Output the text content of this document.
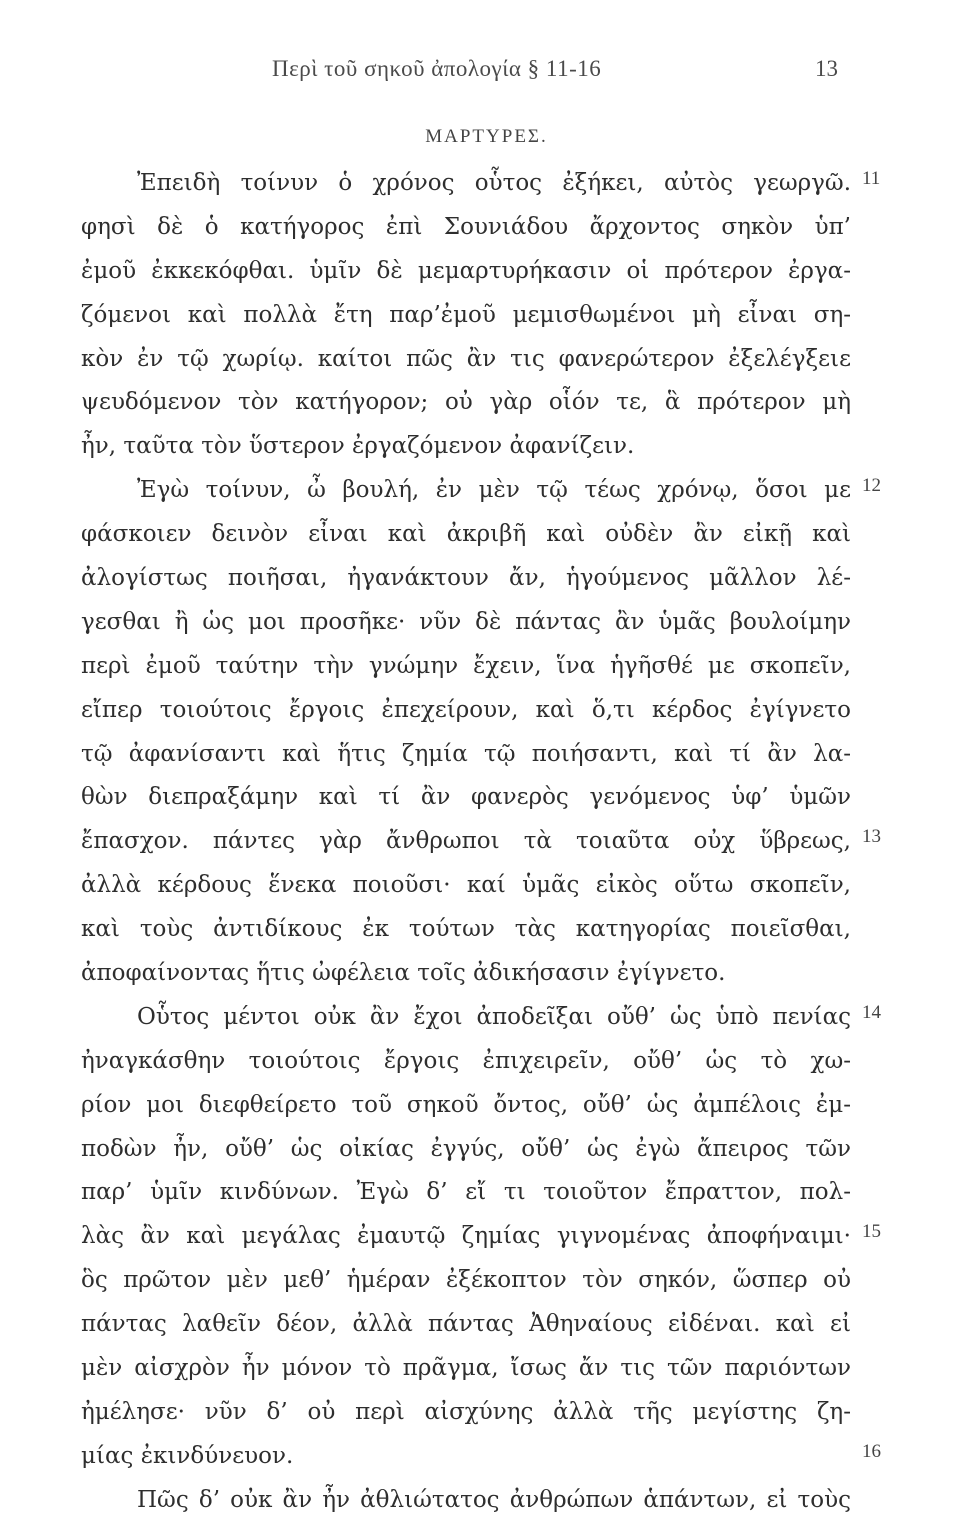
Περὶ τοῦ σηκοῦ ἀπολογία § 11-16	13
ΜΑΡΤΥΡΕΣ.
Ἐπειδὴ τοίνυν ὁ χρόνος οὗτος ἐξήκει, αὐτὸς γεωργῶ.
φησὶ δὲ ὁ κατήγορος ἐπὶ Σουνιάδου ἄρχοντος σηκὸν ὑπ’
ἐμοῦ ἐκκεκόφθαι. ὑμῖν δὲ μεμαρτυρήκασιν οἱ πρότερον ἐργα-
ζόμενοι καὶ πολλὰ ἔτη παρ’ἐμοῦ μεμισθωμένοι μὴ εἶναι ση-
κὸν ἐν τῷ χωρίῳ. καίτοι πῶς ἂν τις φανερώτερον ἐξελέγξειε
ψευδόμενον τὸν κατήγορον; οὐ γὰρ οἷόν τε, ἃ πρότερον μὴ
ἦν, ταῦτα τὸν ὕστερον ἐργαζόμενον ἀφανίζειν.
Ἐγὼ τοίνυν, ὦ βουλή, ἐν μὲν τῷ τέως χρόνῳ, ὅσοι με
φάσκοιεν δεινὸν εἶναι καὶ ἀκριβῆ καὶ οὐδὲν ἂν εἰκῇ καὶ
ἀλογίστως ποιῆσαι, ἠγανάκτουν ἄν, ἡγούμενος μᾶλλον λέ-
γεσθαι ἢ ὡς μοι προσῆκε· νῦν δὲ πάντας ἂν ὑμᾶς βουλοίμην
περὶ ἐμοῦ ταύτην τὴν γνώμην ἔχειν, ἵνα ἡγῆσθέ με σκοπεῖν,
εἴπερ τοιούτοις ἔργοις ἐπεχείρουν, καὶ ὅ,τι κέρδος ἐγίγνετο
τῷ ἀφανίσαντι καὶ ἥτις ζημία τῷ ποιήσαντι, καὶ τί ἂν λα-
θὼν διεπραξάμην καὶ τί ἂν φανερὸς γενόμενος ὑφ’ ὑμῶν
ἔπασχον. πάντες γὰρ ἄνθρωποι τὰ τοιαῦτα οὐχ ὕβρεως,
ἀλλὰ κέρδους ἕνεκα ποιοῦσι· καί ὑμᾶς εἰκὸς οὕτω σκοπεῖν,
καὶ τοὺς ἀντιδίκους ἐκ τούτων τὰς κατηγορίας ποιεῖσθαι,
ἀποφαίνοντας ἥτις ὠφέλεια τοῖς ἀδικήσασιν ἐγίγνετο.
Οὗτος μέντοι οὐκ ἂν ἔχοι ἀποδεῖξαι οὔθ’ ὡς ὑπὸ πενίας
ἠναγκάσθην τοιούτοις ἔργοις ἐπιχειρεῖν, οὔθ’ ὡς τὸ χω-
ρίον μοι διεφθείρετο τοῦ σηκοῦ ὄντος, οὔθ’ ὡς ἀμπέλοις ἐμ-
ποδὼν ἦν, οὔθ’ ὡς οἰκίας ἐγγύς, οὔθ’ ὡς ἐγὼ ἄπειρος τῶν
παρ’ ὑμῖν κινδύνων. Ἐγὼ δ’ εἴ τι τοιοῦτον ἔπραττον, πολ-
λὰς ἂν καὶ μεγάλας ἐμαυτῷ ζημίας γιγνομένας ἀποφήναιμι·
ὃς πρῶτον μὲν μεθ’ ἡμέραν ἐξέκοπτον τὸν σηκόν, ὥσπερ οὐ
πάντας λαθεῖν δέον, ἀλλὰ πάντας Ἀθηναίους εἰδέναι. καὶ εἰ
μὲν αἰσχρὸν ἦν μόνον τὸ πρᾶγμα, ἴσως ἄν τις τῶν παριόντων
ἠμέλησε· νῦν δ’ οὐ περὶ αἰσχύνης ἀλλὰ τῆς μεγίστης ζη-
μίας ἐκινδύνευον.
Πῶς δ’ οὐκ ἂν ἦν ἀθλιώτατος ἀνθρώπων ἁπάντων, εἰ τοὺς
11
12
13
14
15
16
